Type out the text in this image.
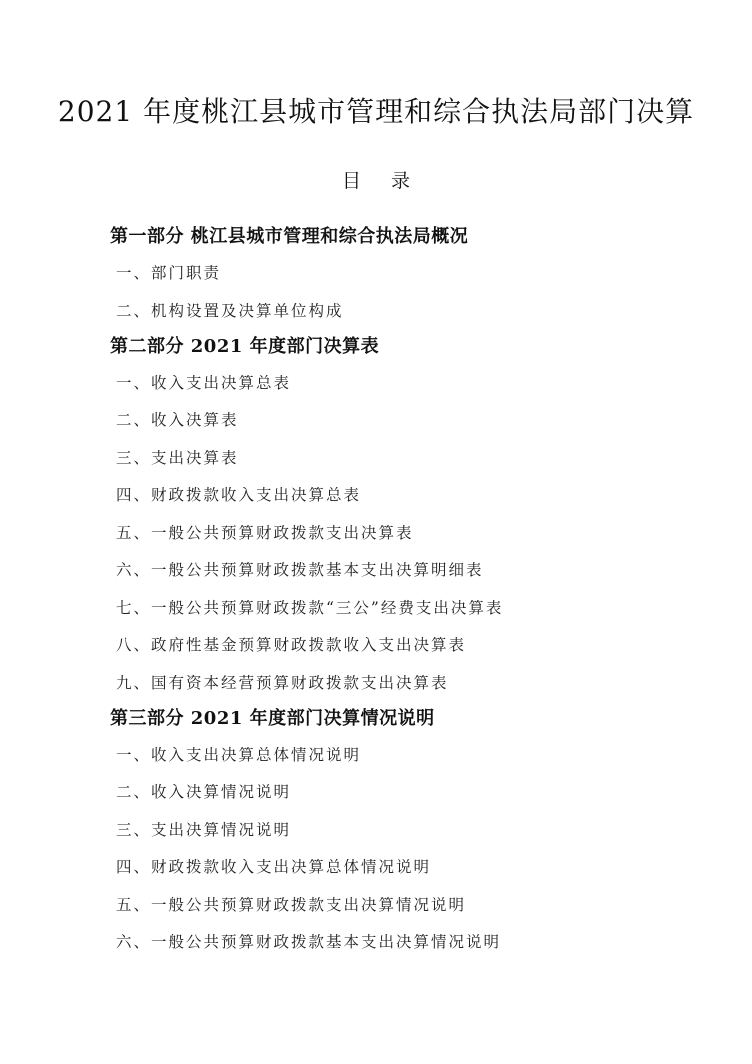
2021 年度桃江县城市管理和综合执法局部门决算
目 录
第一部分 桃江县城市管理和综合执法局概况
一、部门职责
二、机构设置及决算单位构成
第二部分 2021 年度部门决算表
一、收入支出决算总表
二、收入决算表
三、支出决算表
四、财政拨款收入支出决算总表
五、一般公共预算财政拨款支出决算表
六、一般公共预算财政拨款基本支出决算明细表
七、一般公共预算财政拨款“三公”经费支出决算表
八、政府性基金预算财政拨款收入支出决算表
九、国有资本经营预算财政拨款支出决算表
第三部分 2021 年度部门决算情况说明
一、收入支出决算总体情况说明
二、收入决算情况说明
三、支出决算情况说明
四、财政拨款收入支出决算总体情况说明
五、一般公共预算财政拨款支出决算情况说明
六、一般公共预算财政拨款基本支出决算情况说明
